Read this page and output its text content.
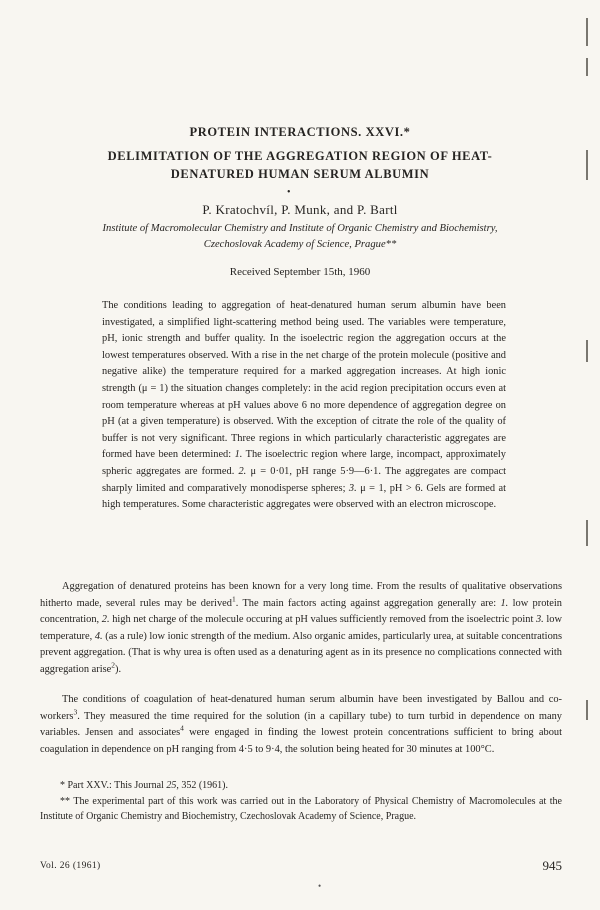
PROTEIN INTERACTIONS. XXVI.*
DELIMITATION OF THE AGGREGATION REGION OF HEAT-
DENATURED HUMAN SERUM ALBUMIN
•
P. Kratochvíl, P. Munk, and P. Bartl
Institute of Macromolecular Chemistry and Institute of Organic Chemistry and Biochemistry,
Czechoslovak Academy of Science, Prague**
Received September 15th, 1960

The conditions leading to aggregation of heat-denatured human serum albumin have been investigated, a simplified light-scattering method being used. The variables were temperature, pH, ionic strength and buffer quality. In the isoelectric region the aggregation occurs at the lowest temperatures observed. With a rise in the net charge of the protein molecule (positive and negative alike) the temperature required for a marked aggregation increases. At high ionic strength (μ = 1) the situation changes completely: in the acid region precipitation occurs even at room temperature whereas at pH values above 6 no more dependence of aggregation degree on pH (at a given temperature) is observed. With the exception of citrate the role of the quality of buffer is not very significant. Three regions in which particularly characteristic aggregates are formed have been determined: 1. The isoelectric region where large, incompact, approximately spheric aggregates are formed. 2. μ = 0·01, pH range 5·9—6·1. The aggregates are compact sharply limited and comparatively monodisperse spheres; 3. μ = 1, pH > 6. Gels are formed at high temperatures. Some characteristic aggregates were observed with an electron microscope.

Aggregation of denatured proteins has been known for a very long time. From the results of qualitative observations hitherto made, several rules may be derived$^1$. The main factors acting against aggregation generally are: 1. low protein concentration, 2. high net charge of the molecule occuring at pH values sufficiently removed from the isoelectric point 3. low temperature, 4. (as a rule) low ionic strength of the medium. Also organic amides, particularly urea, at suitable concentrations prevent aggregation. (That is why urea is often used as a denaturing agent as in its presence no complications connected with aggregation arise$^2$).

The conditions of coagulation of heat-denatured human serum albumin have been investigated by Ballou and co-workers$^3$. They measured the time required for the solution (in a capillary tube) to turn turbid in dependence on many variables. Jensen and associates$^4$ were engaged in finding the lowest protein concentrations sufficient to bring about coagulation in dependence on pH ranging from 4·5 to 9·4, the solution being heated for 30 minutes at 100°C.

* Part XXV.: This Journal 25, 352 (1961).

** The experimental part of this work was carried out in the Laboratory of Physical Chemistry of Macromolecules at the Institute of Organic Chemistry and Biochemistry, Czechoslovak Academy of Science, Prague.

Vol. 26 (1961)	945
•
